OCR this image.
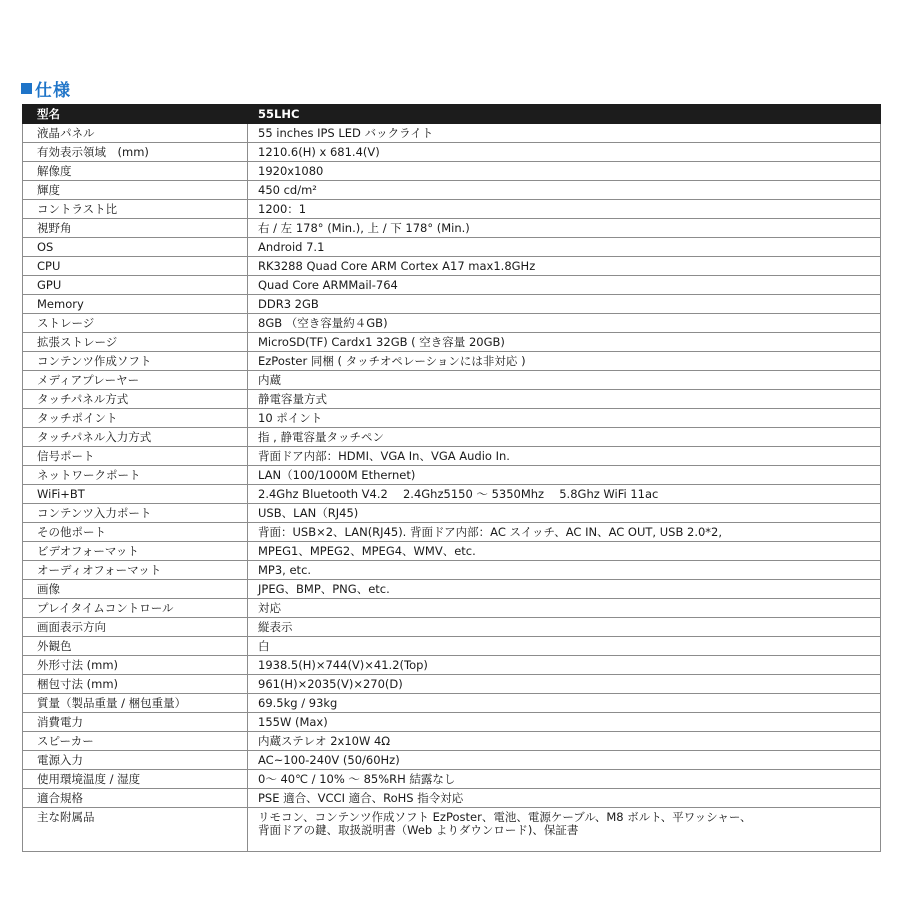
仕様
型名	55LHC
液晶パネル	55 inches IPS LED バックライト
有効表示領域　(mm)	1210.6(H) x 681.4(V)
解像度	1920x1080
輝度	450 cd/m²
コントラスト比	1200：1
視野角	右 / 左 178° (Min.), 上 / 下 178° (Min.)
OS	Android 7.1
CPU	RK3288 Quad Core ARM Cortex A17 max1.8GHz
GPU	Quad Core ARMMail-764
Memory	DDR3 2GB
ストレージ	8GB （空き容量約４GB)
拡張ストレージ	MicroSD(TF) Cardx1 32GB ( 空き容量 20GB)
コンテンツ作成ソフト	EzPoster 同梱 ( タッチオペレーションには非対応 )
メディアプレーヤー	内蔵
タッチパネル方式	静電容量方式
タッチポイント	10 ポイント
タッチパネル入力方式	指 , 静電容量タッチペン
信号ポート	背面ドア内部：HDMI、VGA In、VGA Audio In.
ネットワークポート	LAN（100/1000M Ethernet)
WiFi+BT	2.4Ghz Bluetooth V4.2　 2.4Ghz5150 ～ 5350Mhz　 5.8Ghz WiFi 11ac
コンテンツ入力ポート	USB、LAN（RJ45)
その他ポート	背面：USB×2、LAN(RJ45). 背面ドア内部：AC スイッチ、AC IN、AC OUT, USB 2.0*2,
ビデオフォーマット	MPEG1、MPEG2、MPEG4、WMV、etc.
オーディオフォーマット	MP3, etc.
画像	JPEG、BMP、PNG、etc.
プレイタイムコントロール	対応
画面表示方向	縦表示
外観色	白
外形寸法 (mm)	1938.5(H)×744(V)×41.2(Top)
梱包寸法 (mm)	961(H)×2035(V)×270(D)
質量（製品重量 / 梱包重量）	69.5kg / 93kg
消費電力	155W (Max)
スピーカー	内蔵ステレオ 2x10W 4Ω
電源入力	AC~100-240V (50/60Hz)
使用環境温度 / 湿度	0～ 40℃ / 10% ～ 85%RH 結露なし
適合規格	PSE 適合、VCCI 適合、RoHS 指令対応
主な附属品	リモコン、コンテンツ作成ソフト EzPoster、電池、電源ケーブル、M8 ボルト、平ワッシャー、
背面ドアの鍵、取扱説明書（Web よりダウンロード)、保証書
